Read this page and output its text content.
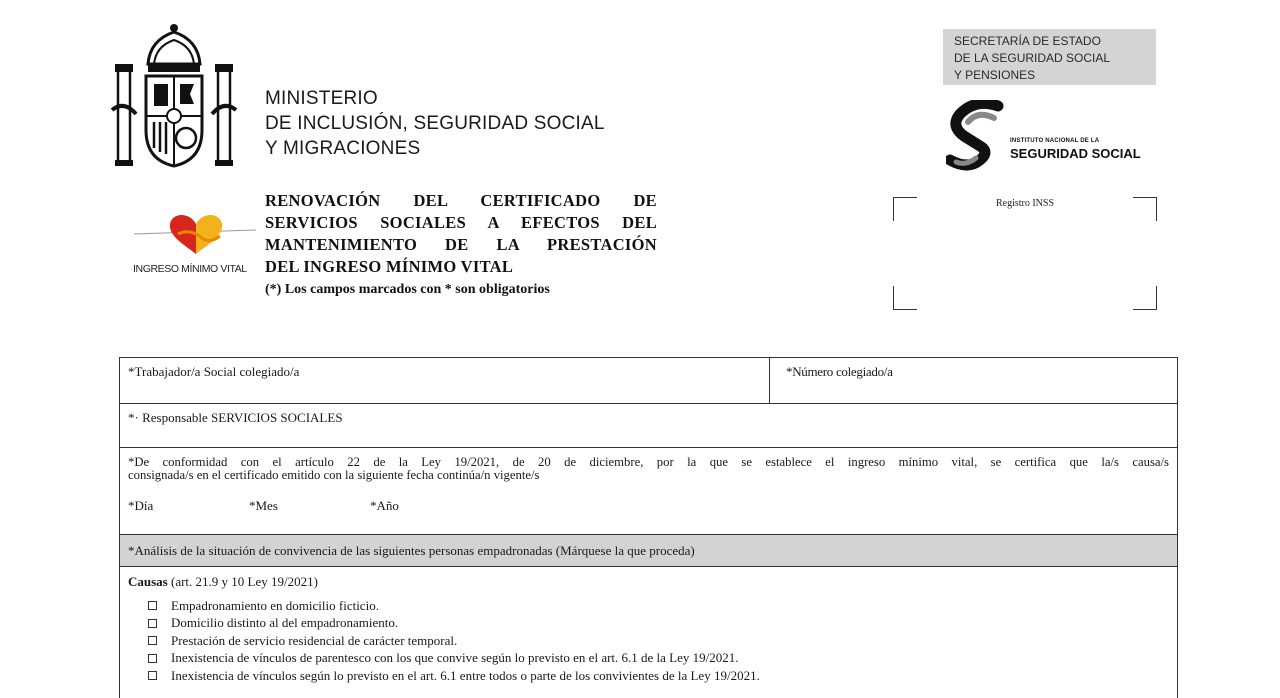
MINISTERIO
DE INCLUSIÓN, SEGURIDAD SOCIAL
Y MIGRACIONES
SECRETARÍA DE ESTADO
DE LA SEGURIDAD SOCIAL
Y PENSIONES
INSTITUTO NACIONAL DE LA
SEGURIDAD SOCIAL
Registro INSS
INGRESO MÍNIMO VITAL
RENOVACIÓN DEL CERTIFICADO DE
SERVICIOS SOCIALES A EFECTOS DEL
MANTENIMIENTO DE LA PRESTACIÓN
DEL INGRESO MÍNIMO VITAL
(*) Los campos marcados con * son obligatorios
*Trabajador/a Social colegiado/a	*Número colegiado/a
*· Responsable SERVICIOS SOCIALES
*De conformidad con el artículo 22 de la Ley 19/2021, de 20 de diciembre, por la que se establece el ingreso mínimo vital, se certifica que la/s causa/s
consignada/s en el certificado emitido con la siguiente fecha continúa/n vigente/s
*Día	*Mes	*Año
*Análisis de la situación de convivencia de las siguientes personas empadronadas (Márquese la que proceda)
Causas (art. 21.9 y 10 Ley 19/2021)
Empadronamiento en domicilio ficticio.
Domicilio distinto al del empadronamiento.
Prestación de servicio residencial de carácter temporal.
Inexistencia de vínculos de parentesco con los que convive según lo previsto en el art. 6.1 de la Ley 19/2021.
Inexistencia de vínculos según lo previsto en el art. 6.1 entre todos o parte de los convivientes de la Ley 19/2021.
